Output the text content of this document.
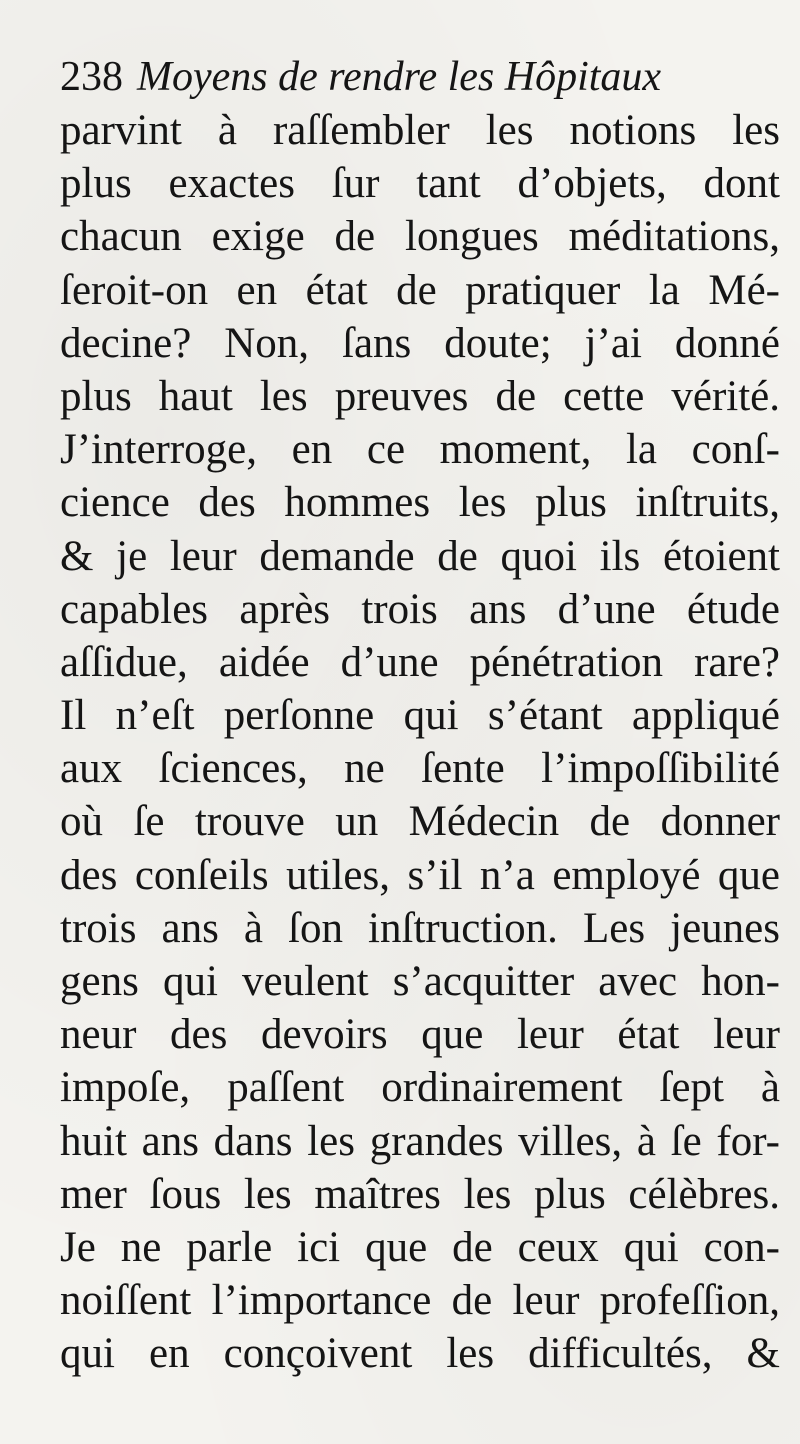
238 Moyens de rendre les Hôpitaux
parvint à raſſembler les notions les
plus exactes ſur tant d’objets, dont
chacun exige de longues méditations,
ſeroit-on en état de pratiquer la Mé-
decine? Non, ſans doute; j’ai donné
plus haut les preuves de cette vérité.
J’interroge, en ce moment, la conſ-
cience des hommes les plus inſtruits,
& je leur demande de quoi ils étoient
capables après trois ans d’une étude
aſſidue, aidée d’une pénétration rare?
Il n’eſt perſonne qui s’étant appliqué
aux ſciences, ne ſente l’impoſſibilité
où ſe trouve un Médecin de donner
des conſeils utiles, s’il n’a employé que
trois ans à ſon inſtruction. Les jeunes
gens qui veulent s’acquitter avec hon-
neur des devoirs que leur état leur
impoſe, paſſent ordinairement ſept à
huit ans dans les grandes villes, à ſe for-
mer ſous les maîtres les plus célèbres.
Je ne parle ici que de ceux qui con-
noiſſent l’importance de leur profeſſion,
qui en conçoivent les difficultés, &
